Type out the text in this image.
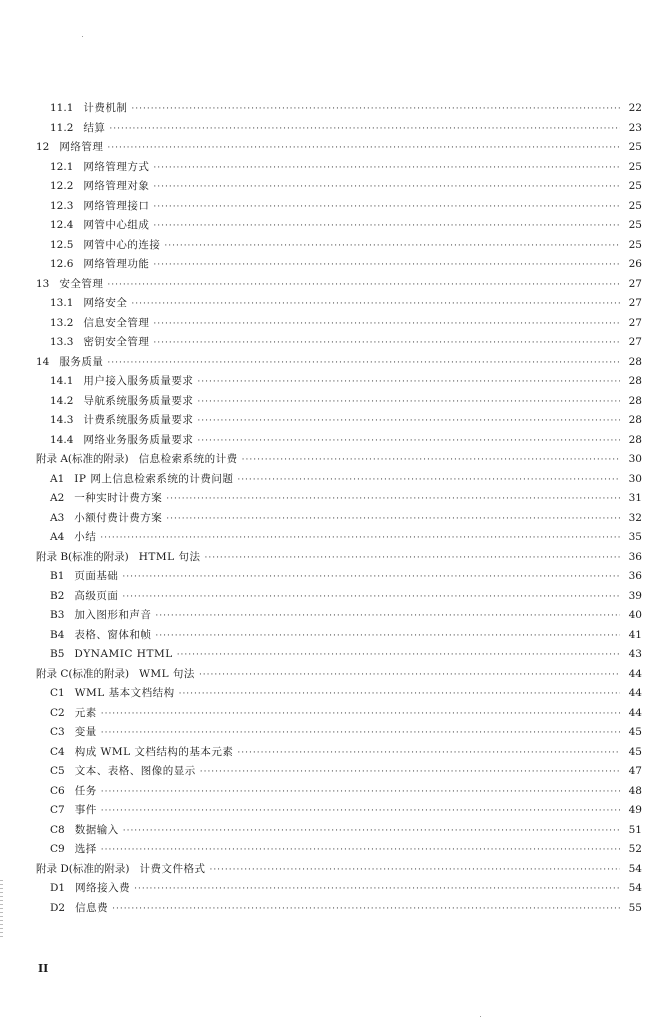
11.1 计费机制 ·····	22
11.2 结算 ·····	23
12 网络管理 ·····	25
12.1 网络管理方式 ·····	25
12.2 网络管理对象 ·····	25
12.3 网络管理接口 ·····	25
12.4 网管中心组成 ·····	25
12.5 网管中心的连接 ·····	25
12.6 网络管理功能 ·····	26
13 安全管理 ·····	27
13.1 网络安全 ·····	27
13.2 信息安全管理 ·····	27
13.3 密钥安全管理 ·····	27
14 服务质量 ·····	28
14.1 用户接入服务质量要求 ·····	28
14.2 导航系统服务质量要求 ·····	28
14.3 计费系统服务质量要求 ·····	28
14.4 网络业务服务质量要求 ·····	28
附录 A(标准的附录) 信息检索系统的计费 ·····	30
A1 IP 网上信息检索系统的计费问题 ·····	30
A2 一种实时计费方案 ·····	31
A3 小额付费计费方案 ·····	32
A4 小结 ·····	35
附录 B(标准的附录) HTML 句法 ·····	36
B1 页面基础 ·····	36
B2 高级页面 ·····	39
B3 加入图形和声音 ·····	40
B4 表格、窗体和帧 ·····	41
B5 DYNAMIC HTML ·····	43
附录 C(标准的附录) WML 句法 ·····	44
C1 WML 基本文档结构 ·····	44
C2 元素 ·····	44
C3 变量 ·····	45
C4 构成 WML 文档结构的基本元素 ·····	45
C5 文本、表格、图像的显示 ·····	47
C6 任务 ·····	48
C7 事件 ·····	49
C8 数据输入 ·····	51
C9 选择 ·····	52
附录 D(标准的附录) 计费文件格式 ·····	54
D1 网络接入费 ·····	54
D2 信息费 ·····	55
II
